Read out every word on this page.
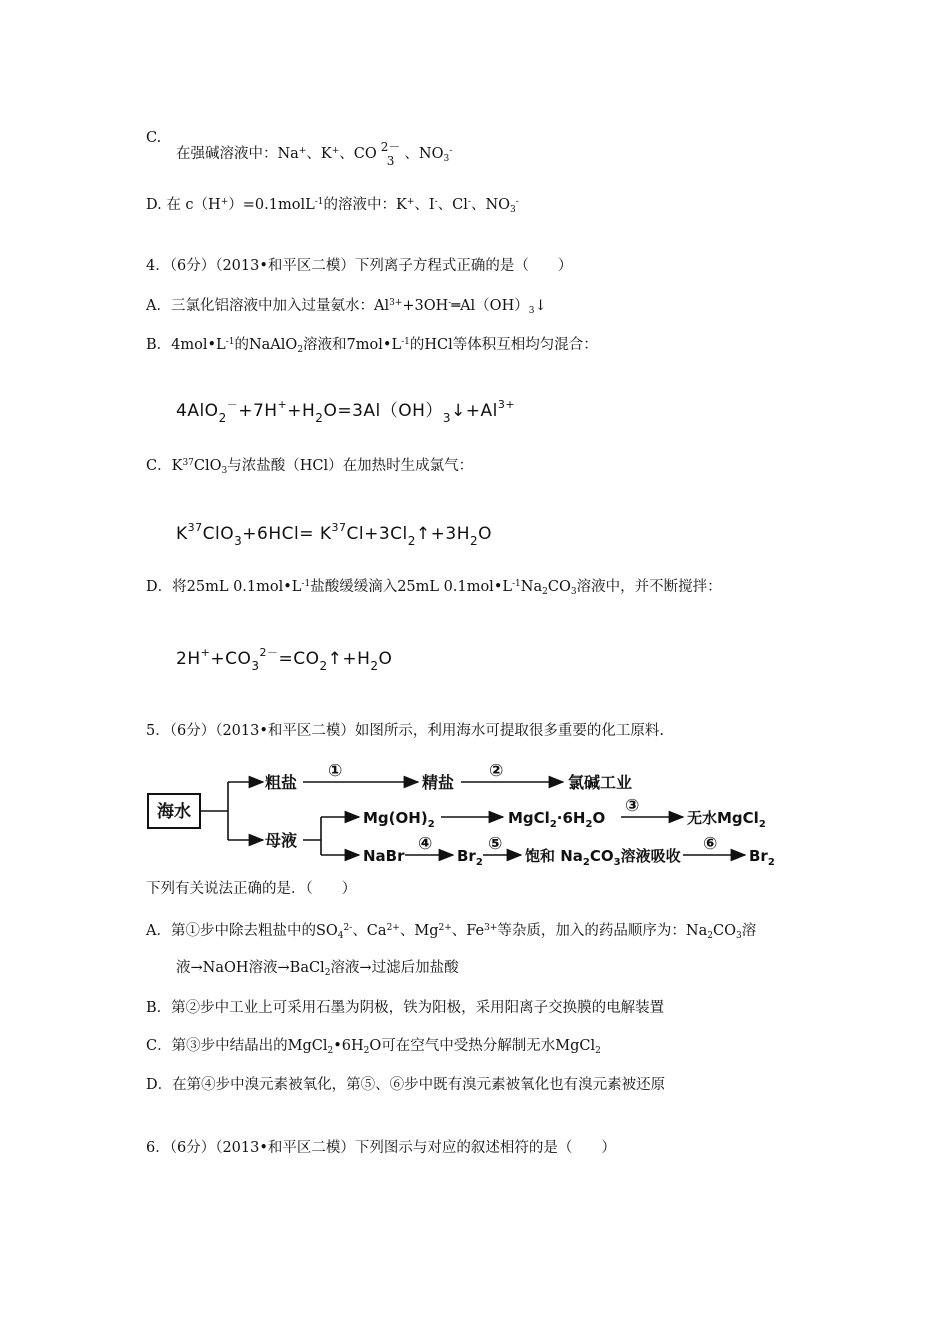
C.
在强碱溶液中：Na+、K+、CO 2－
3 、$NO_3^-$
D. 在 c（H+）=0.1molL$^{-1}$的溶液中：K+、I-、Cl-、$NO_3^-$
4．（6分）（2013•和平区二模）下列离子方程式正确的是（　　）
A．三氯化铝溶液中加入过量氨水：$Al^{3+}+3OH^-═Al(OH)_3↓$
B．$4mol•L^{-1}$的NaAlO$_2$溶液和$7mol•L^{-1}$的HCl等体积互相均匀混合：
$4AlO_2^-+7H^++H_2O=3Al(OH)_3↓+Al^{3+}$
C．$K^{37}ClO_3$与浓盐酸（HCl）在加热时生成氯气：
$K^{37}ClO_3+6HCl=$ $K^{37}Cl+3Cl_2↑+3H_2O$
D．将25mL $0.1mol•L^{-1}$盐酸缓缓滴入25mL $0.1mol•L^{-1}Na_2CO_3$溶液中，并不断搅拌：
$2H^++CO_3^{2-}=CO_2↑+H_2O$
5．（6分）（2013•和平区二模）如图所示，利用海水可提取很多重要的化工原料.
海水
粗盐
①
精盐
②
氯碱工业
母液
$Mg(OH)_2$	$MgCl_2\cdot 6H_2O$
③
无水MgCl$_2$
NaBr
④
$Br_2$
⑤
饱和 $Na_2CO_3$溶液吸收
⑥
$Br_2$
下列有关说法正确的是．（　　）
A．第①步中除去粗盐中的$SO_4^{2-}$、$Ca^{2+}$、$Mg^{2+}$、$Fe^{3+}$等杂质，加入的药品顺序为：$Na_2CO_3$溶
液→NaOH溶液→BaCl$_2$溶液→过滤后加盐酸
B．第②步中工业上可采用石墨为阴极，铁为阳极，采用阳离子交换膜的电解装置
C．第③步中结晶出的$MgCl_2•6H_2O$可在空气中受热分解制无水MgCl$_2$
D．在第④步中溴元素被氧化，第⑤、⑥步中既有溴元素被氧化也有溴元素被还原
6．（6分）（2013•和平区二模）下列图示与对应的叙述相符的是（　　）
